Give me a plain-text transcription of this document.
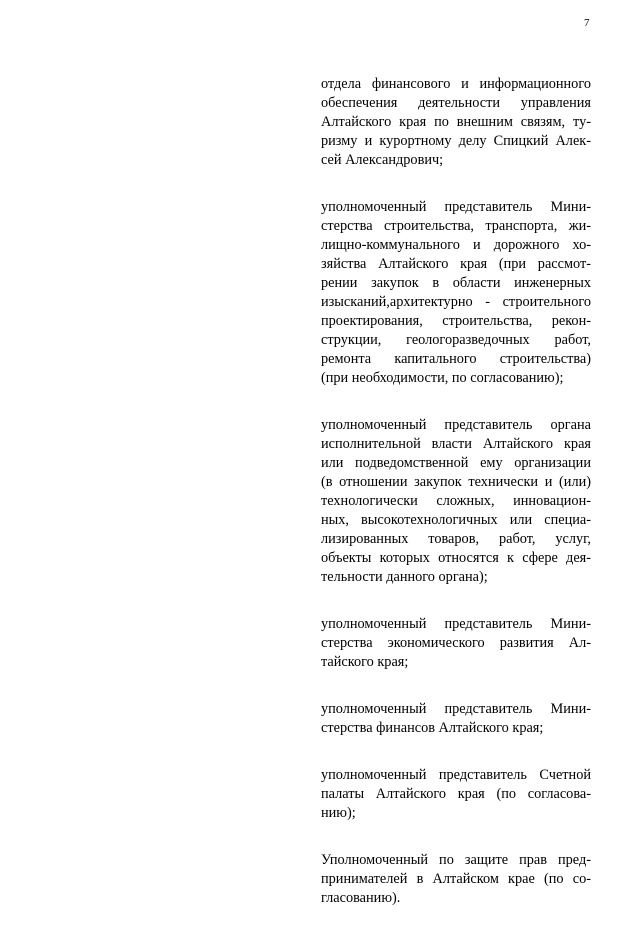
7
отдела финансового и информационного
обеспечения деятельности управления
Алтайского края по внешним связям, ту-
ризму и курортному делу Спицкий Алек-
сей Александрович;
уполномоченный представитель Мини-
стерства строительства, транспорта, жи-
лищно-коммунального и дорожного хо-
зяйства Алтайского края (при рассмот-
рении закупок в области инженерных
изысканий,архитектурно - строительного
проектирования, строительства, рекон-
струкции, геологоразведочных работ,
ремонта капитального строительства)
(при необходимости, по согласованию);
уполномоченный представитель органа
исполнительной власти Алтайского края
или подведомственной ему организации
(в отношении закупок технически и (или)
технологически сложных, инновацион-
ных, высокотехнологичных или специа-
лизированных товаров, работ, услуг,
объекты которых относятся к сфере дея-
тельности данного органа);
уполномоченный представитель Мини-
стерства экономического развития Ал-
тайского края;
уполномоченный представитель Мини-
стерства финансов Алтайского края;
уполномоченный представитель Счетной
палаты Алтайского края (по согласова-
нию);
Уполномоченный по защите прав пред-
принимателей в Алтайском крае (по со-
гласованию).
